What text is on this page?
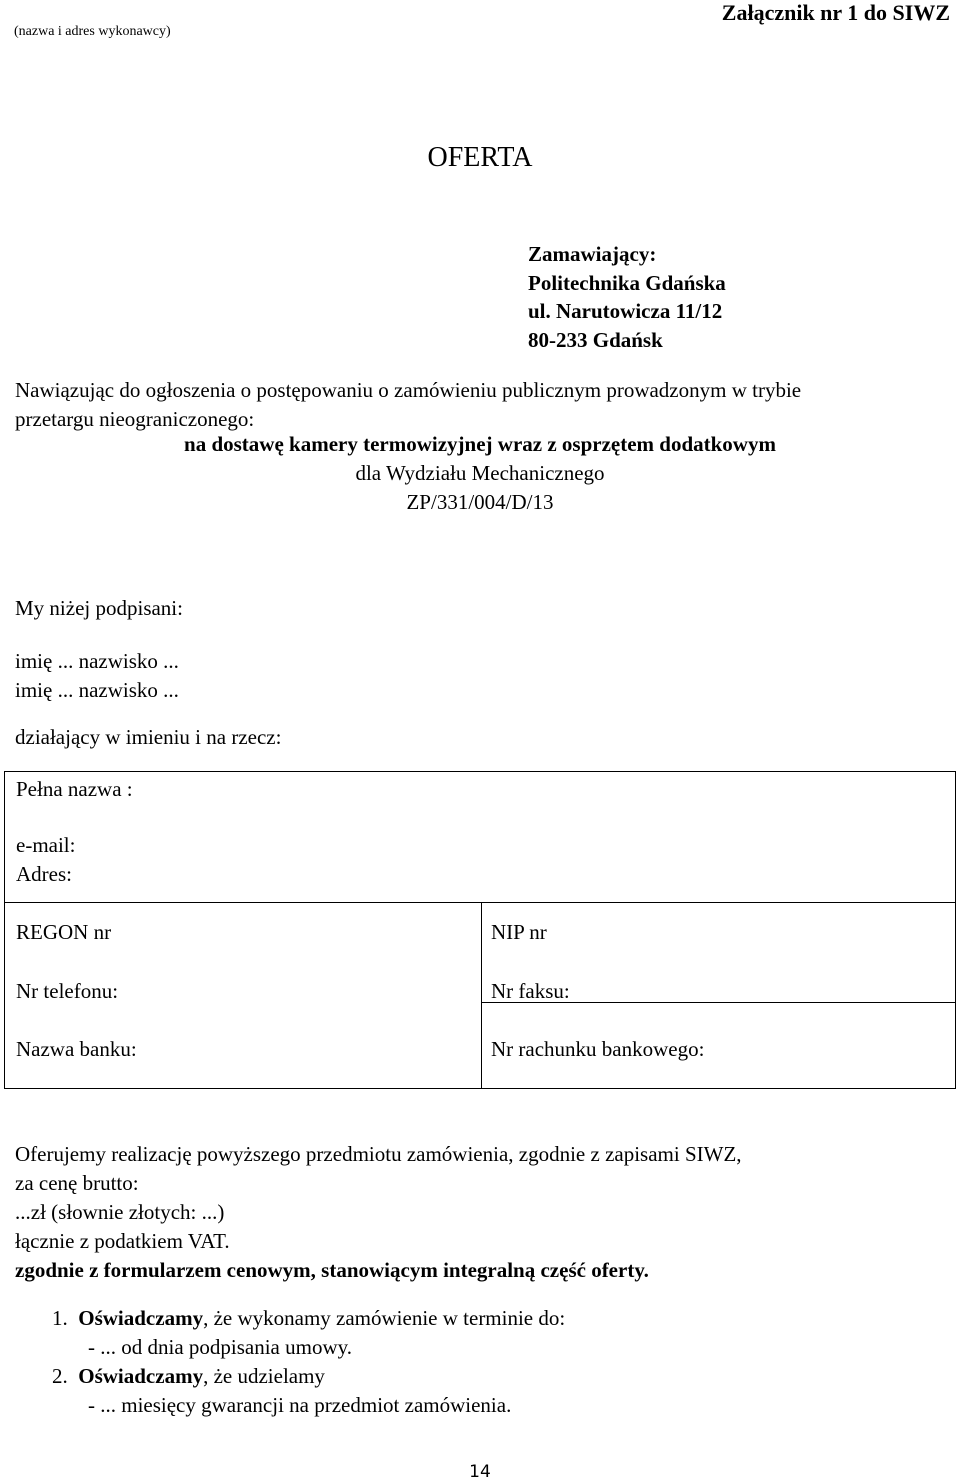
(nazwa i adres wykonawcy)
Załącznik nr 1 do SIWZ
OFERTA
Zamawiający:
Politechnika Gdańska
ul. Narutowicza 11/12
80-233 Gdańsk
Nawiązując do ogłoszenia o postępowaniu o zamówieniu publicznym prowadzonym w trybie
przetargu nieograniczonego:
na dostawę kamery termowizyjnej wraz z osprzętem dodatkowym
dla Wydziału Mechanicznego
ZP/331/004/D/13
My niżej podpisani:
imię ... nazwisko ...
imię ... nazwisko ...
działający w imieniu i na rzecz:
Pełna nazwa :
e-mail:
Adres:
REGON nr	NIP nr
Nr telefonu:	Nr faksu:
Nazwa banku:	Nr rachunku bankowego:
Oferujemy realizację powyższego przedmiotu zamówienia, zgodnie z zapisami SIWZ,
za cenę brutto:
...zł (słownie złotych: ...)
łącznie z podatkiem VAT.
zgodnie z formularzem cenowym, stanowiącym integralną część oferty.
1. Oświadczamy, że wykonamy zamówienie w terminie do:
- ... od dnia podpisania umowy.
2. Oświadczamy, że udzielamy
- ... miesięcy gwarancji na przedmiot zamówienia.
14
